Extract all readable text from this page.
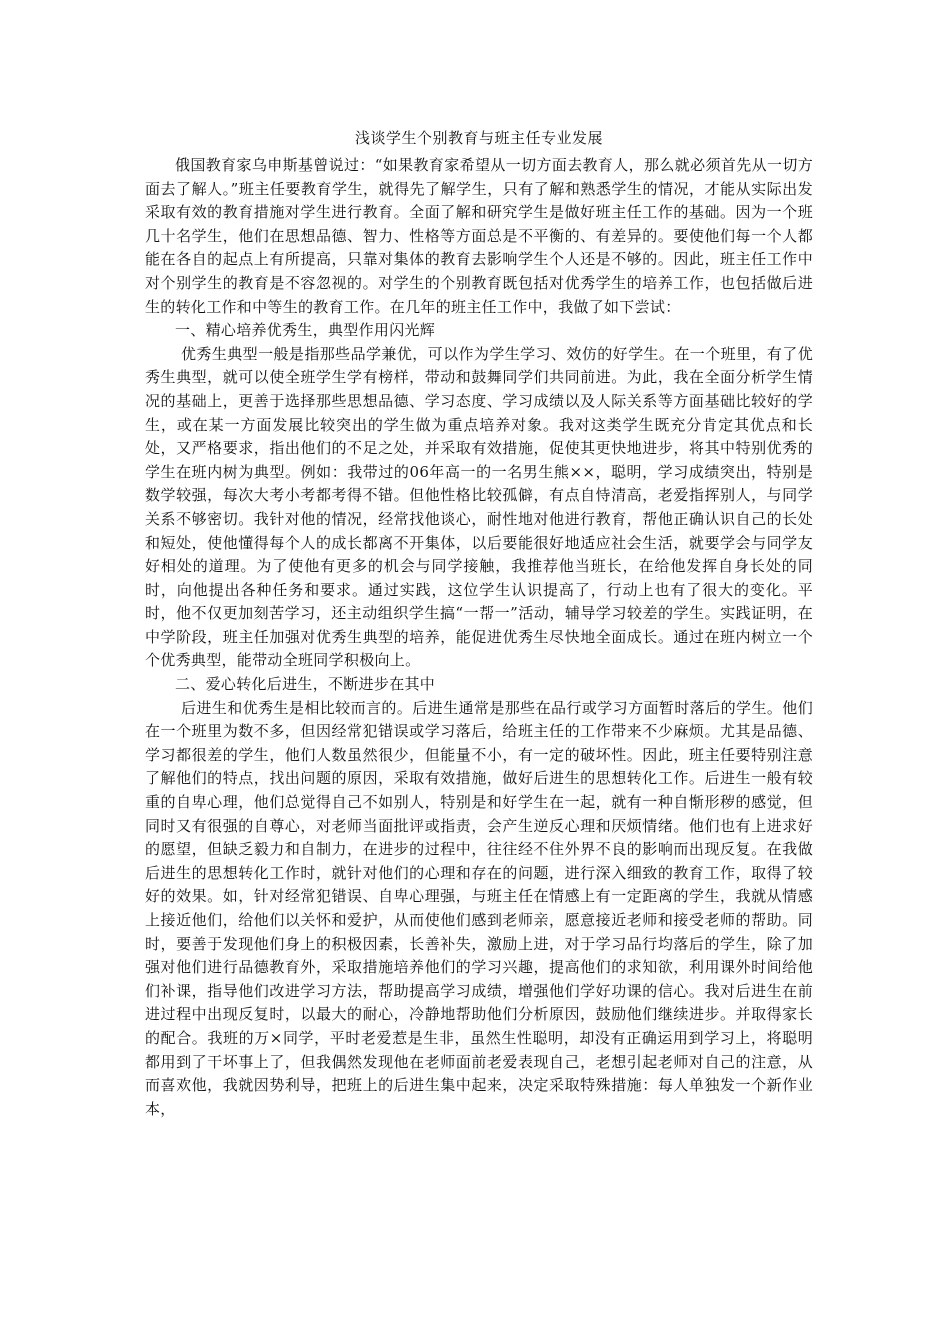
浅谈学生个别教育与班主任专业发展

俄国教育家乌申斯基曾说过：“如果教育家希望从一切方面去教育人，那么就必须首先从一切方面去了解人。”班主任要教育学生，就得先了解学生，只有了解和熟悉学生的情况，才能从实际出发采取有效的教育措施对学生进行教育。全面了解和研究学生是做好班主任工作的基础。因为一个班几十名学生，他们在思想品德、智力、性格等方面总是不平衡的、有差异的。要使他们每一个人都能在各自的起点上有所提高，只靠对集体的教育去影响学生个人还是不够的。因此，班主任工作中对个别学生的教育是不容忽视的。对学生的个别教育既包括对优秀学生的培养工作，也包括做后进生的转化工作和中等生的教育工作。在几年的班主任工作中，我做了如下尝试：

一、精心培养优秀生，典型作用闪光辉

优秀生典型一般是指那些品学兼优，可以作为学生学习、效仿的好学生。在一个班里，有了优秀生典型，就可以使全班学生学有榜样，带动和鼓舞同学们共同前进。为此，我在全面分析学生情况的基础上，更善于选择那些思想品德、学习态度、学习成绩以及人际关系等方面基础比较好的学生，或在某一方面发展比较突出的学生做为重点培养对象。我对这类学生既充分肯定其优点和长处，又严格要求，指出他们的不足之处，并采取有效措施，促使其更快地进步，将其中特别优秀的学生在班内树为典型。例如：我带过的06年高一的一名男生熊××，聪明，学习成绩突出，特别是数学较强，每次大考小考都考得不错。但他性格比较孤僻，有点自恃清高，老爱指挥别人，与同学关系不够密切。我针对他的情况，经常找他谈心，耐性地对他进行教育，帮他正确认识自己的长处和短处，使他懂得每个人的成长都离不开集体，以后要能很好地适应社会生活，就要学会与同学友好相处的道理。为了使他有更多的机会与同学接触，我推荐他当班长，在给他发挥自身长处的同时，向他提出各种任务和要求。通过实践，这位学生认识提高了，行动上也有了很大的变化。平时，他不仅更加刻苦学习，还主动组织学生搞“一帮一”活动，辅导学习较差的学生。实践证明，在中学阶段，班主任加强对优秀生典型的培养，能促进优秀生尽快地全面成长。通过在班内树立一个个优秀典型，能带动全班同学积极向上。

二、爱心转化后进生，不断进步在其中

后进生和优秀生是相比较而言的。后进生通常是那些在品行或学习方面暂时落后的学生。他们在一个班里为数不多，但因经常犯错误或学习落后，给班主任的工作带来不少麻烦。尤其是品德、学习都很差的学生，他们人数虽然很少，但能量不小，有一定的破坏性。因此，班主任要特别注意了解他们的特点，找出问题的原因，采取有效措施，做好后进生的思想转化工作。后进生一般有较重的自卑心理，他们总觉得自己不如别人，特别是和好学生在一起，就有一种自惭形秽的感觉，但同时又有很强的自尊心，对老师当面批评或指责，会产生逆反心理和厌烦情绪。他们也有上进求好的愿望，但缺乏毅力和自制力，在进步的过程中，往往经不住外界不良的影响而出现反复。在我做后进生的思想转化工作时，就针对他们的心理和存在的问题，进行深入细致的教育工作，取得了较好的效果。如，针对经常犯错误、自卑心理强，与班主任在情感上有一定距离的学生，我就从情感上接近他们，给他们以关怀和爱护，从而使他们感到老师亲，愿意接近老师和接受老师的帮助。同时，要善于发现他们身上的积极因素，长善补失，激励上进，对于学习品行均落后的学生，除了加强对他们进行品德教育外，采取措施培养他们的学习兴趣，提高他们的求知欲，利用课外时间给他们补课，指导他们改进学习方法，帮助提高学习成绩，增强他们学好功课的信心。我对后进生在前进过程中出现反复时，以最大的耐心，冷静地帮助他们分析原因，鼓励他们继续进步。并取得家长的配合。我班的万×同学，平时老爱惹是生非，虽然生性聪明，却没有正确运用到学习上，将聪明都用到了干坏事上了，但我偶然发现他在老师面前老爱表现自己，老想引起老师对自己的注意，从而喜欢他，我就因势利导，把班上的后进生集中起来，决定采取特殊措施：每人单独发一个新作业本，
